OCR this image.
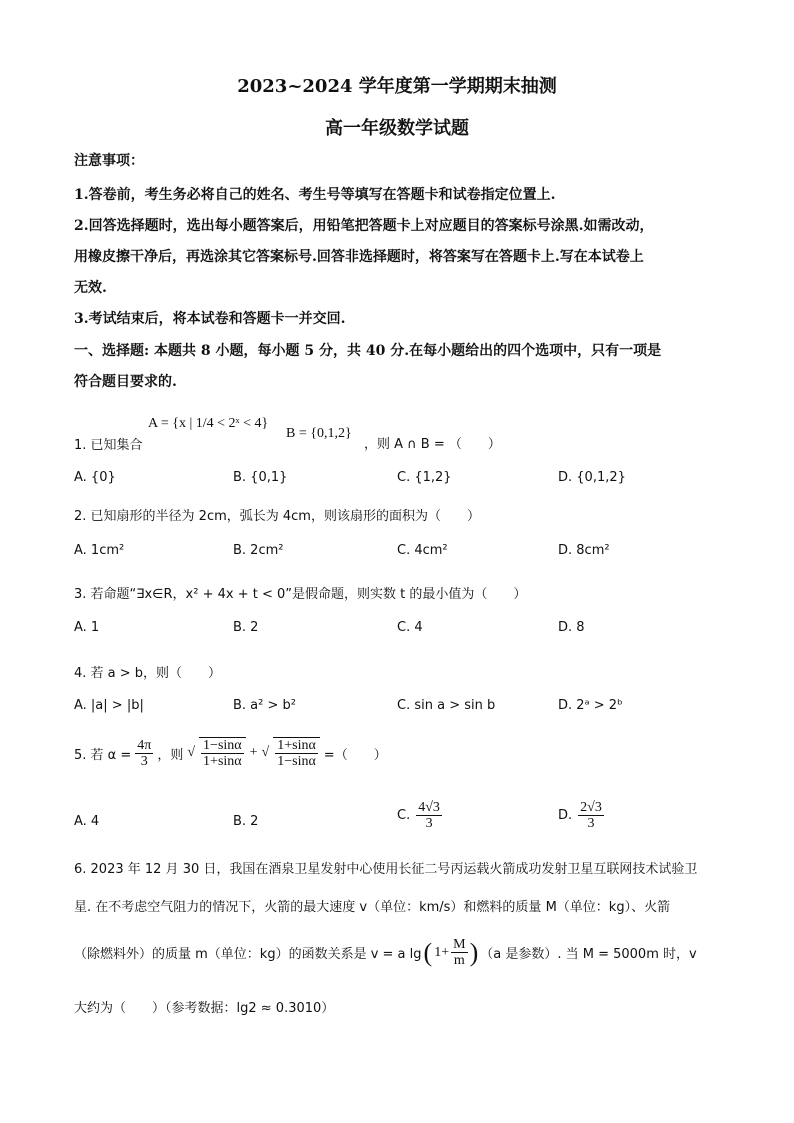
2023~2024 学年度第一学期期末抽测
高一年级数学试题
注意事项：
1.答卷前，考生务必将自己的姓名、考生号等填写在答题卡和试卷指定位置上.
2.回答选择题时，选出每小题答案后，用铅笔把答题卡上对应题目的答案标号涂黑.如需改动，
用橡皮擦干净后，再选涂其它答案标号.回答非选择题时，将答案写在答题卡上.写在本试卷上
无效.
3.考试结束后，将本试卷和答题卡一并交回.
一、选择题: 本题共 8 小题，每小题 5 分，共 40 分.在每小题给出的四个选项中，只有一项是
符合题目要求的.
1. 已知集合
A = {x | 1/4 < 2ˣ < 4}
B = {0,1,2}
，则 A ∩ B = （　　）
A. {0}	B. {0,1}	C. {1,2}	D. {0,1,2}
2. 已知扇形的半径为 2cm，弧长为 4cm，则该扇形的面积为（　　）
A. 1cm²	B. 2cm²	C. 4cm²	D. 8cm²
3. 若命题“∃x∈R，x² + 4x + t < 0”是假命题，则实数 t 的最小值为（　　）
A. 1	B. 2	C. 4	D. 8
4. 若 a > b，则（　　）
A. |a| > |b|	B. a² > b²	C. sin a > sin b	D. 2ᵃ > 2ᵇ
5. 若 $\alpha = \frac{4\pi}{3}$ ，则 √ $\frac{1-\sin\alpha}{1+\sin\alpha}$ + √ $\frac{1+\sin\alpha}{1-\sin\alpha}$ =（　　）
A. 4	B. 2	C. $\frac{4√3}{3}$	D. $\frac{2√3}{3}$
6. 2023 年 12 月 30 日，我国在酒泉卫星发射中心使用长征二号丙运载火箭成功发射卫星互联网技术试验卫
星. 在不考虑空气阻力的情况下，火箭的最大速度 v（单位：km/s）和燃料的质量 M（单位：kg）、火箭
（除燃料外）的质量 m（单位：kg）的函数关系是 v = a lg ( $1+ \frac{M}{m}$ ) （a 是参数）. 当 M = 5000m 时，v
大约为（　　）（参考数据：lg2 ≈ 0.3010）
